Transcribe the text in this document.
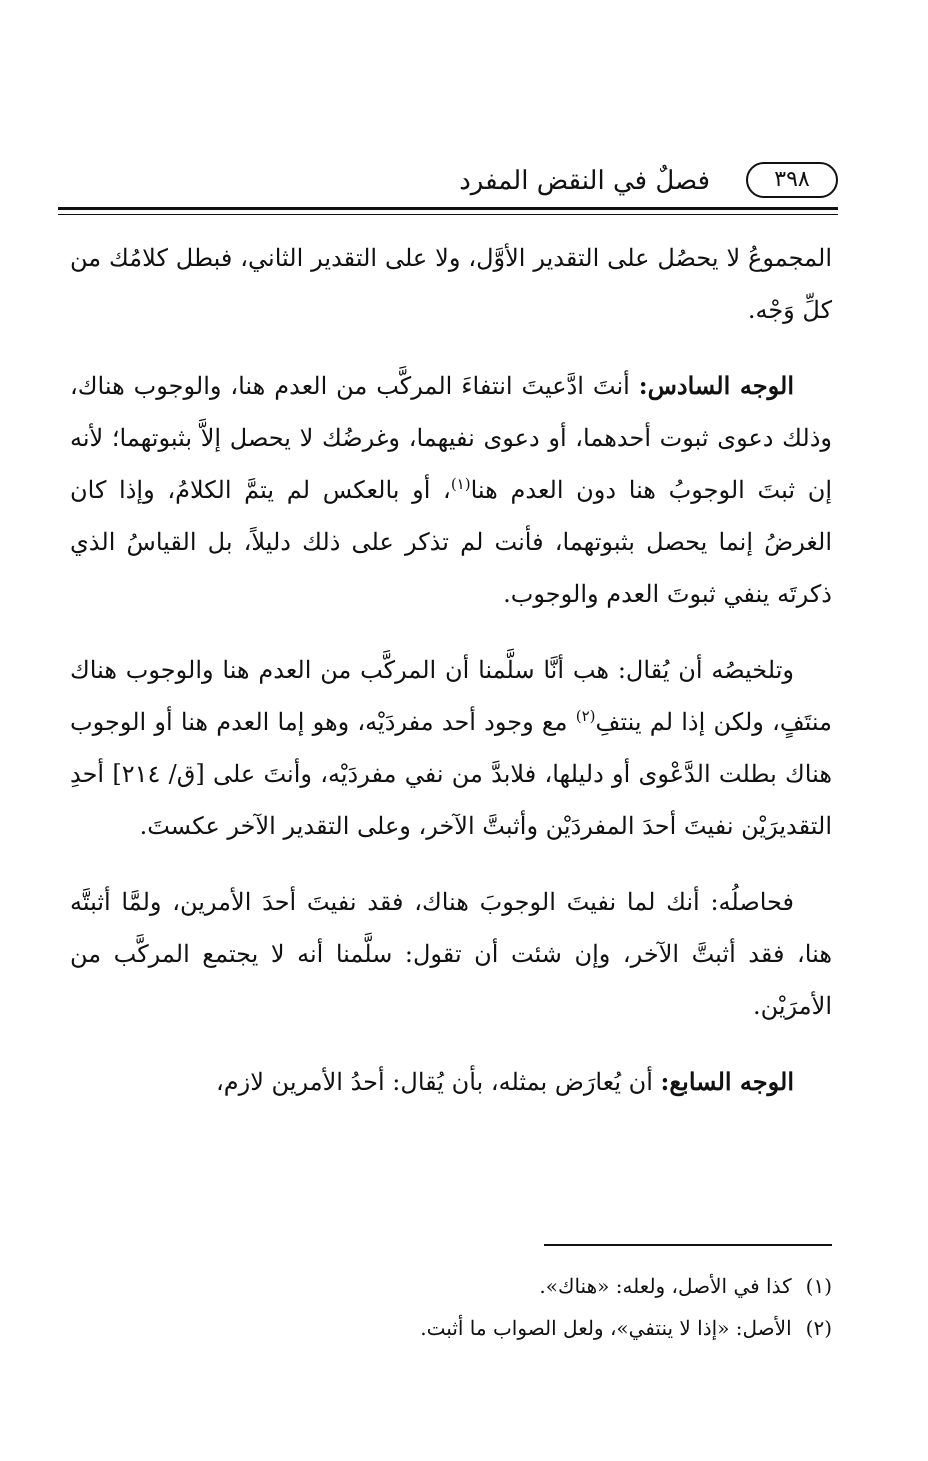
٣٩٨
فصلٌ في النقض المفرد

المجموعُ لا يحصُل على التقدير الأوَّل، ولا على التقدير الثاني، فبطل كلامُك من كلِّ وَجْه.

الوجه السادس: أنتَ ادَّعيتَ انتفاءَ المركَّب من العدم هنا، والوجوب هناك، وذلك دعوى ثبوت أحدهما، أو دعوى نفيهما، وغرضُك لا يحصل إلاَّ بثبوتهما؛ لأنه إن ثبتَ الوجوبُ هنا دون العدم هنا$^{(١)}$، أو بالعكس لم يتمَّ الكلامُ، وإذا كان الغرضُ إنما يحصل بثبوتهما، فأنت لم تذكر على ذلك دليلاً، بل القياسُ الذي ذكرتَه ينفي ثبوتَ العدم والوجوب.

وتلخيصُه أن يُقال: هب أنَّا سلَّمنا أن المركَّب من العدم هنا والوجوب هناك منتَفٍ، ولكن إذا لم ينتفِ$^{(٢)}$ مع وجود أحد مفردَيْه، وهو إما العدم هنا أو الوجوب هناك بطلت الدَّعْوى أو دليلها، فلابدَّ من نفي مفردَيْه، وأنتَ على [ق/ ٢١٤] أحدِ التقديرَيْن نفيتَ أحدَ المفردَيْن وأثبتَّ الآخر، وعلى التقدير الآخر عكستَ.

فحاصلُه: أنك لما نفيتَ الوجوبَ هناك، فقد نفيتَ أحدَ الأمرين، ولمَّا أثبتَّه هنا، فقد أثبتَّ الآخر، وإن شئت أن تقول: سلَّمنا أنه لا يجتمع المركَّب من الأمرَيْن.

الوجه السابع: أن يُعارَض بمثله، بأن يُقال: أحدُ الأمرين لازم،

(١)كذا في الأصل، ولعله: «هناك».

(٢)الأصل: «إذا لا ينتفي»، ولعل الصواب ما أثبت.
